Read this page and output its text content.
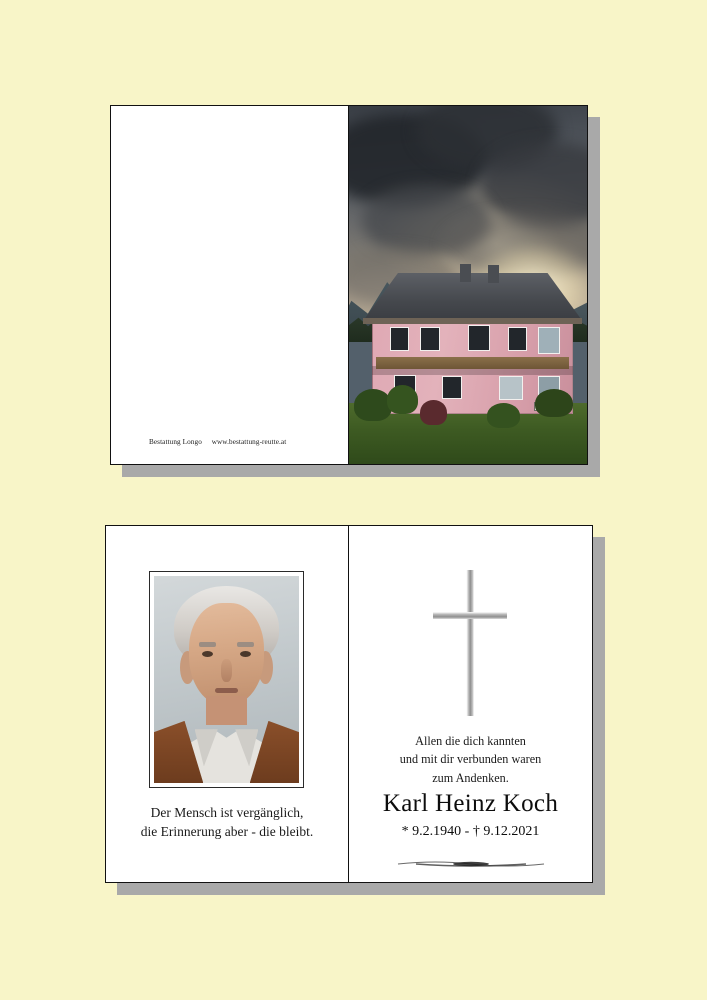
Bestattung Longo www.bestattung-reutte.at
Der Mensch ist vergänglich,
die Erinnerung aber - die bleibt.
Allen die dich kannten
und mit dir verbunden waren
zum Andenken.
Karl Heinz Koch
* 9.2.1940 - † 9.12.2021
